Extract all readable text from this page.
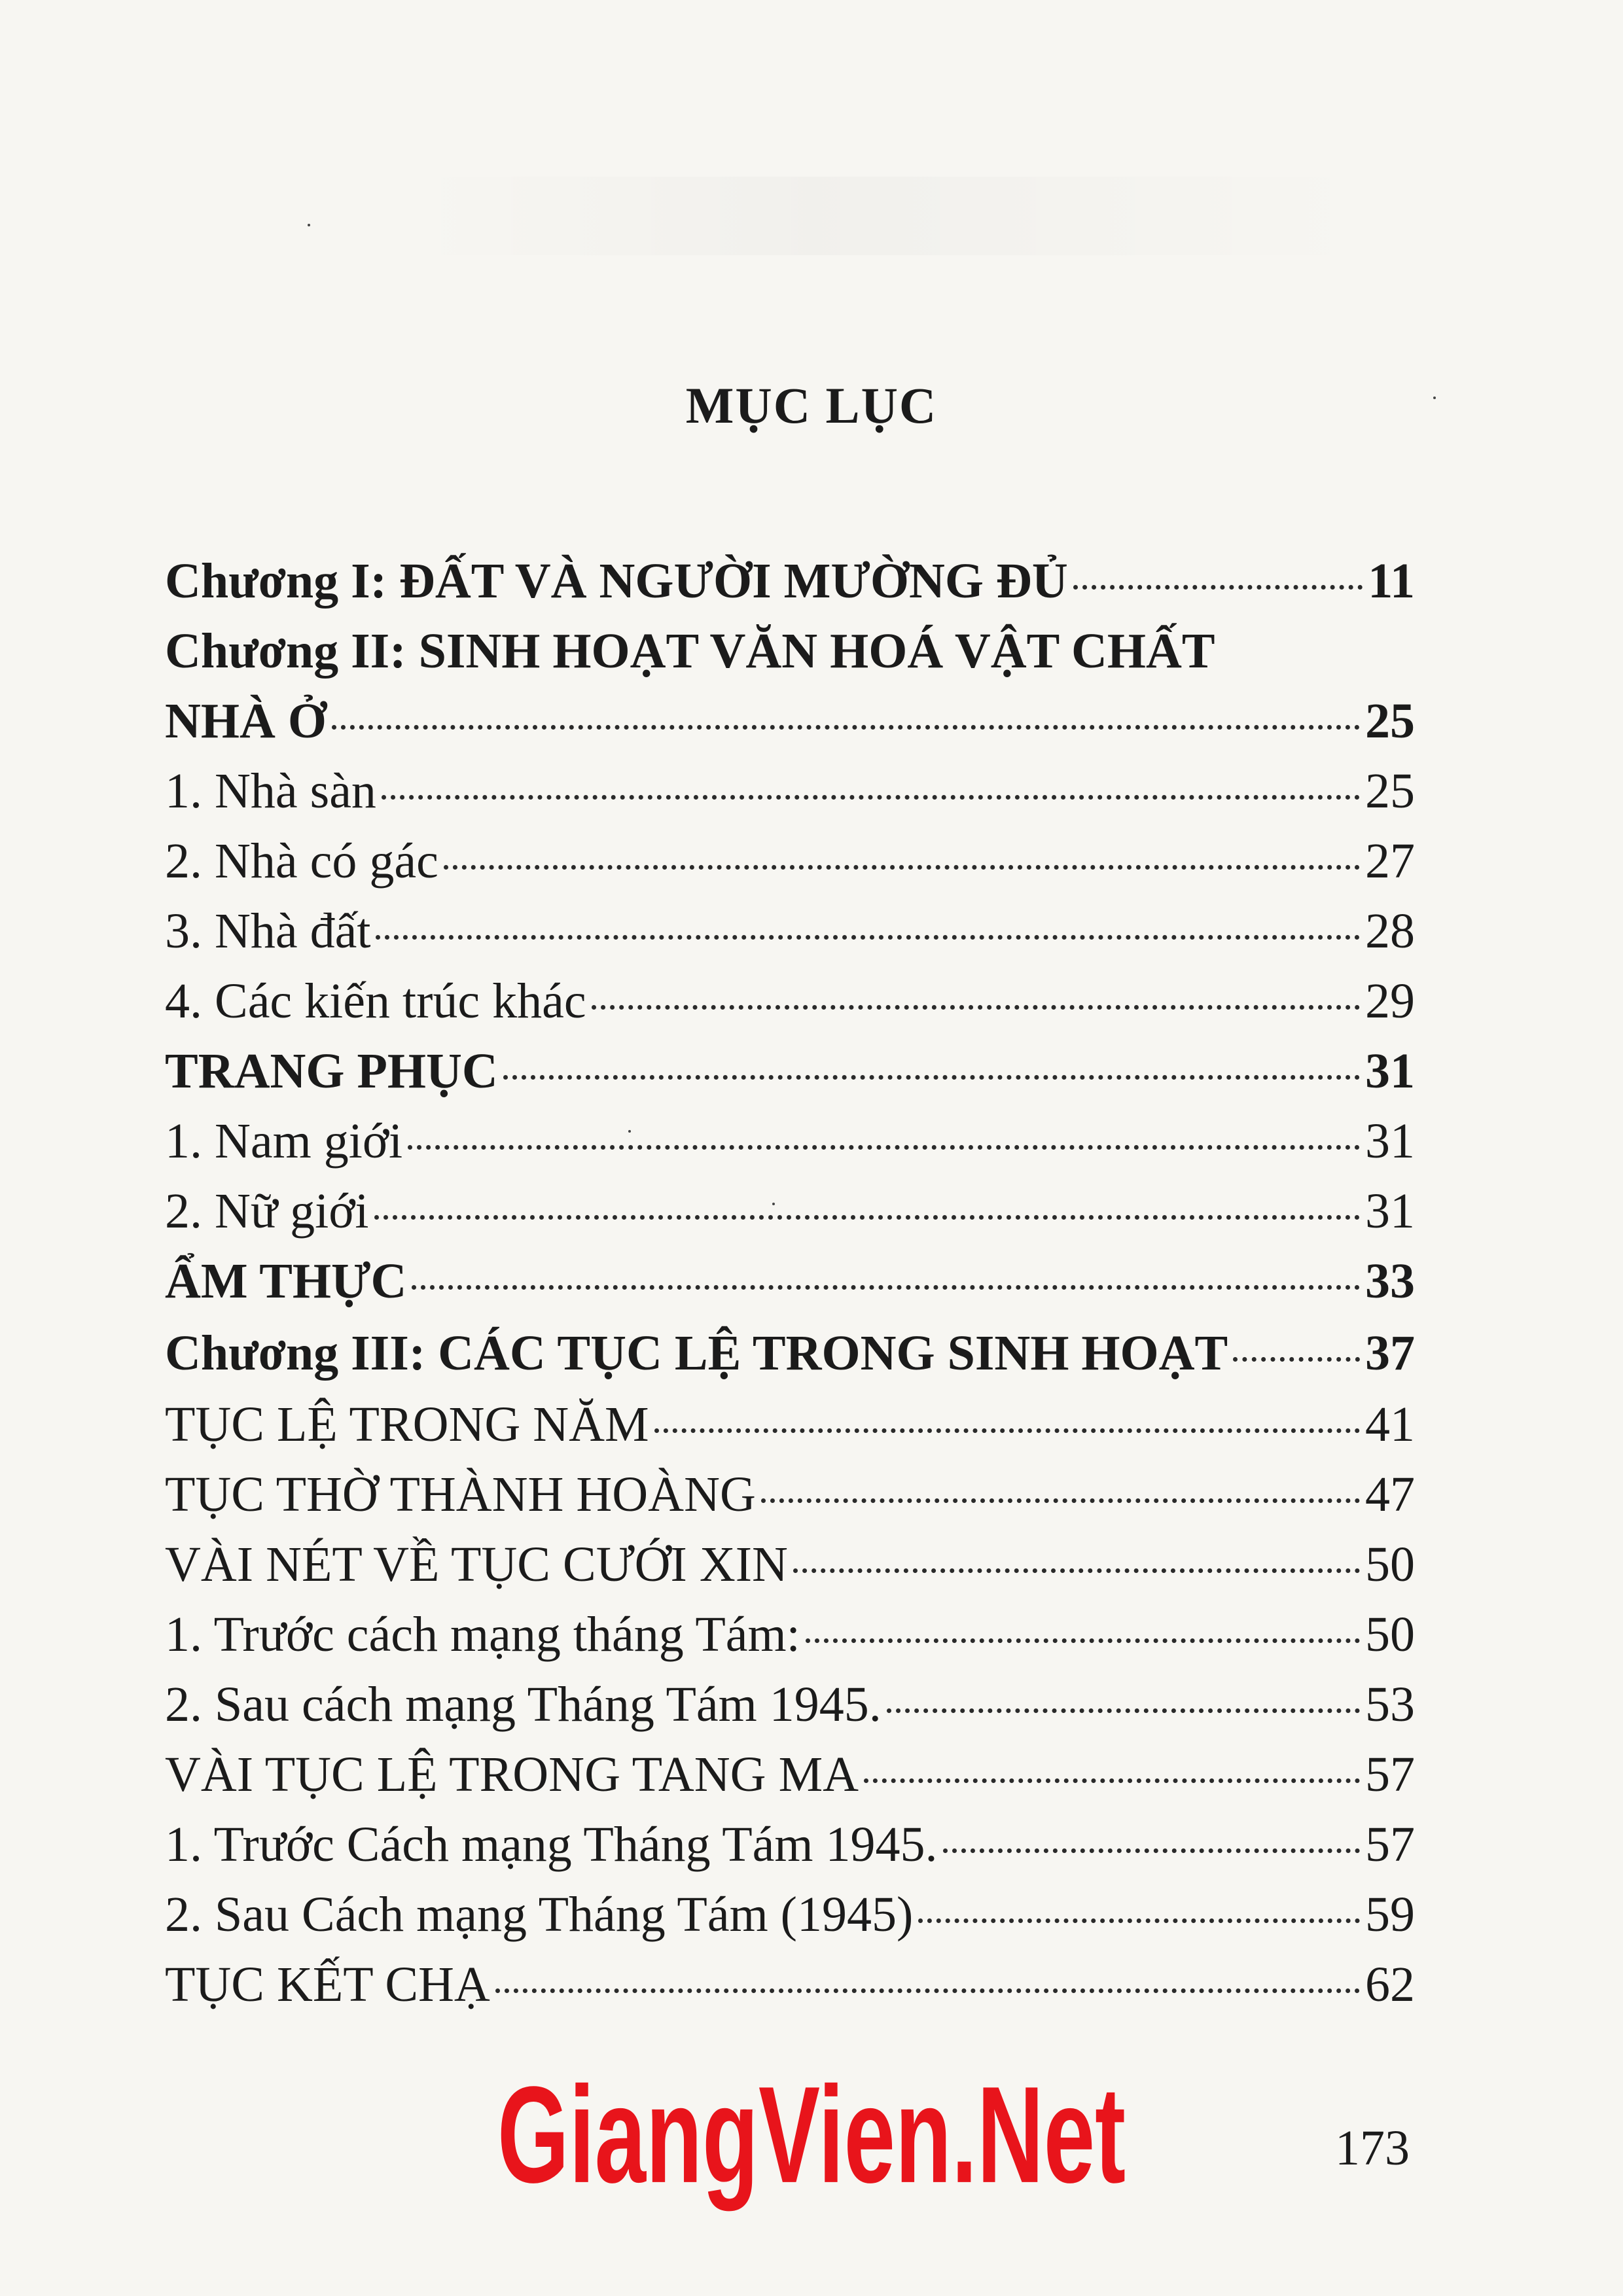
MỤC LỤC
Chương I: ĐẤT VÀ NGƯỜI MƯỜNG ĐỦ	11
Chương II: SINH HOẠT VĂN HOÁ VẬT CHẤT
NHÀ Ở	25
1. Nhà sàn	25
2. Nhà có gác	27
3. Nhà đất	28
4. Các kiến trúc khác	29
TRANG PHỤC	31
1. Nam giới	31
2. Nữ giới	31
ẨM THỰC	33
Chương III: CÁC TỤC LỆ TRONG SINH HOẠT	37
TỤC LỆ TRONG NĂM	41
TỤC THỜ THÀNH HOÀNG	47
VÀI NÉT VỀ TỤC CƯỚI XIN	50
1. Trước cách mạng tháng Tám:	50
2. Sau cách mạng Tháng Tám 1945.	53
VÀI TỤC LỆ TRONG TANG MA	57
1. Trước Cách mạng Tháng Tám 1945.	57
2. Sau Cách mạng Tháng Tám (1945)	59
TỤC KẾT CHẠ	62
GiangVien.Net	173
